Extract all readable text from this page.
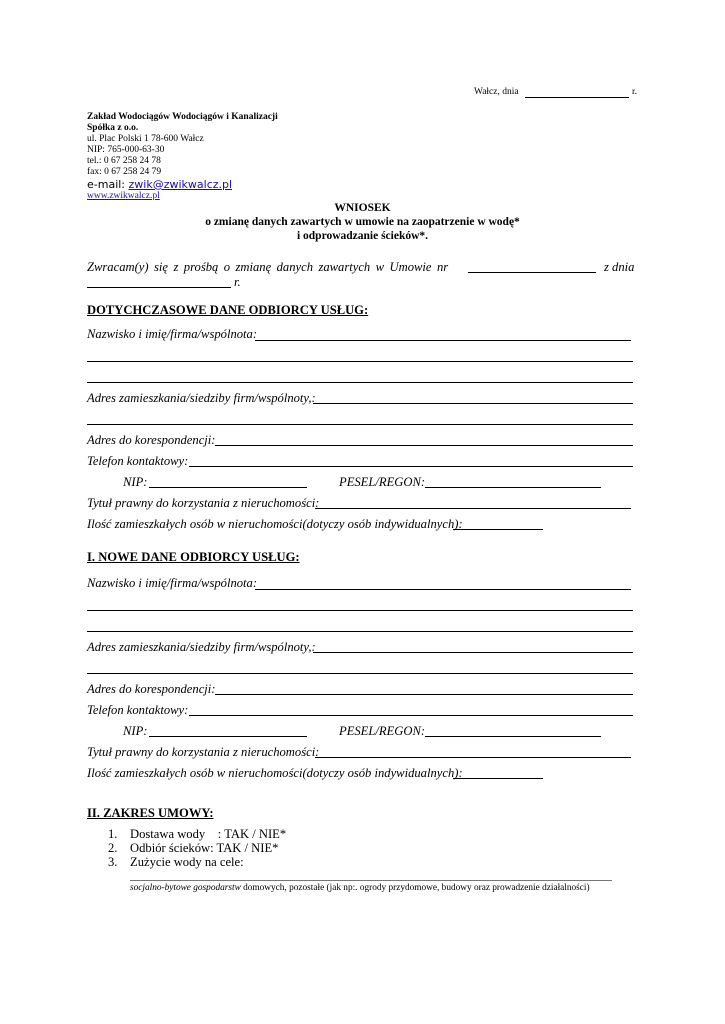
Wałcz, dnia	r.
Zakład Wodociągów Wodociągów i Kanalizacji
Spółka z o.o.
ul. Plac Polski 1 78-600 Wałcz
NIP: 765-000-63-30
tel.: 0 67 258 24 78
fax: 0 67 258 24 79
e-mail: zwik@zwikwalcz.pl
www.zwikwalcz.pl
WNIOSEK
o zmianę danych zawartych w umowie na zaopatrzenie w wodę*
i odprowadzanie ścieków*.
Zwracam(y) się z prośbą o zmianę danych zawartych w Umowie nr	z dnia
r.
DOTYCHCZASOWE DANE ODBIORCY USŁUG:
Nazwisko i imię/firma/wspólnota:
Adres zamieszkania/siedziby firm/wspólnoty,:
Adres do korespondencji:
Telefon kontaktowy:
NIP:	PESEL/REGON:
Tytuł prawny do korzystania z nieruchomości:
Ilość zamieszkałych osób w nieruchomości(dotyczy osób indywidualnych):
I. NOWE DANE ODBIORCY USŁUG:
Nazwisko i imię/firma/wspólnota:
Adres zamieszkania/siedziby firm/wspólnoty,:
Adres do korespondencji:
Telefon kontaktowy:
NIP:	PESEL/REGON:
Tytuł prawny do korzystania z nieruchomości:
Ilość zamieszkałych osób w nieruchomości(dotyczy osób indywidualnych):
II. ZAKRES UMOWY:
1. Dostawa wody    : TAK / NIE*
2. Odbiór ścieków: TAK / NIE*
3. Zużycie wody na cele:
socjalno-bytowe gospodarstw domowych, pozostałe (jak np:. ogrody przydomowe, budowy oraz prowadzenie działalności)
